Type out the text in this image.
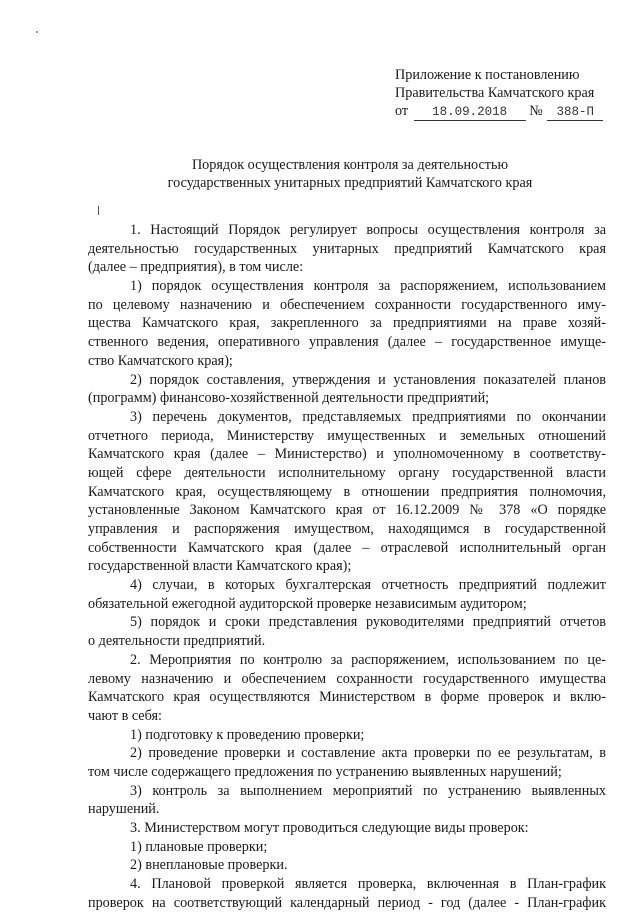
Приложение к постановлению
Правительства Камчатского края
от 18.09.2018 № 388-П
Порядок осуществления контроля за деятельностью
государственных унитарных предприятий Камчатского края
1. Настоящий Порядок регулирует вопросы осуществления контроля за
деятельностью государственных унитарных предприятий Камчатского края
(далее – предприятия), в том числе:
1) порядок осуществления контроля за распоряжением, использованием
по целевому назначению и обеспечением сохранности государственного иму-
щества Камчатского края, закрепленного за предприятиями на праве хозяй-
ственного ведения, оперативного управления (далее – государственное имуще-
ство Камчатского края);
2) порядок составления, утверждения и установления показателей планов
(программ) финансово-хозяйственной деятельности предприятий;
3) перечень документов, представляемых предприятиями по окончании
отчетного периода, Министерству имущественных и земельных отношений
Камчатского края (далее – Министерство) и уполномоченному в соответству-
ющей сфере деятельности исполнительному органу государственной власти
Камчатского края, осуществляющему в отношении предприятия полномочия,
установленные Законом Камчатского края от 16.12.2009 № 378 «О порядке
управления и распоряжения имуществом, находящимся в государственной
собственности Камчатского края (далее – отраслевой исполнительный орган
государственной власти Камчатского края);
4) случаи, в которых бухгалтерская отчетность предприятий подлежит
обязательной ежегодной аудиторской проверке независимым аудитором;
5) порядок и сроки представления руководителями предприятий отчетов
о деятельности предприятий.
2. Мероприятия по контролю за распоряжением, использованием по це-
левому назначению и обеспечением сохранности государственного имущества
Камчатского края осуществляются Министерством в форме проверок и вклю-
чают в себя:
1) подготовку к проведению проверки;
2) проведение проверки и составление акта проверки по ее результатам, в
том числе содержащего предложения по устранению выявленных нарушений;
3) контроль за выполнением мероприятий по устранению выявленных
нарушений.
3. Министерством могут проводиться следующие виды проверок:
1) плановые проверки;
2) внеплановые проверки.
4. Плановой проверкой является проверка, включенная в План-график
проверок на соответствующий календарный период - год (далее - План-график
